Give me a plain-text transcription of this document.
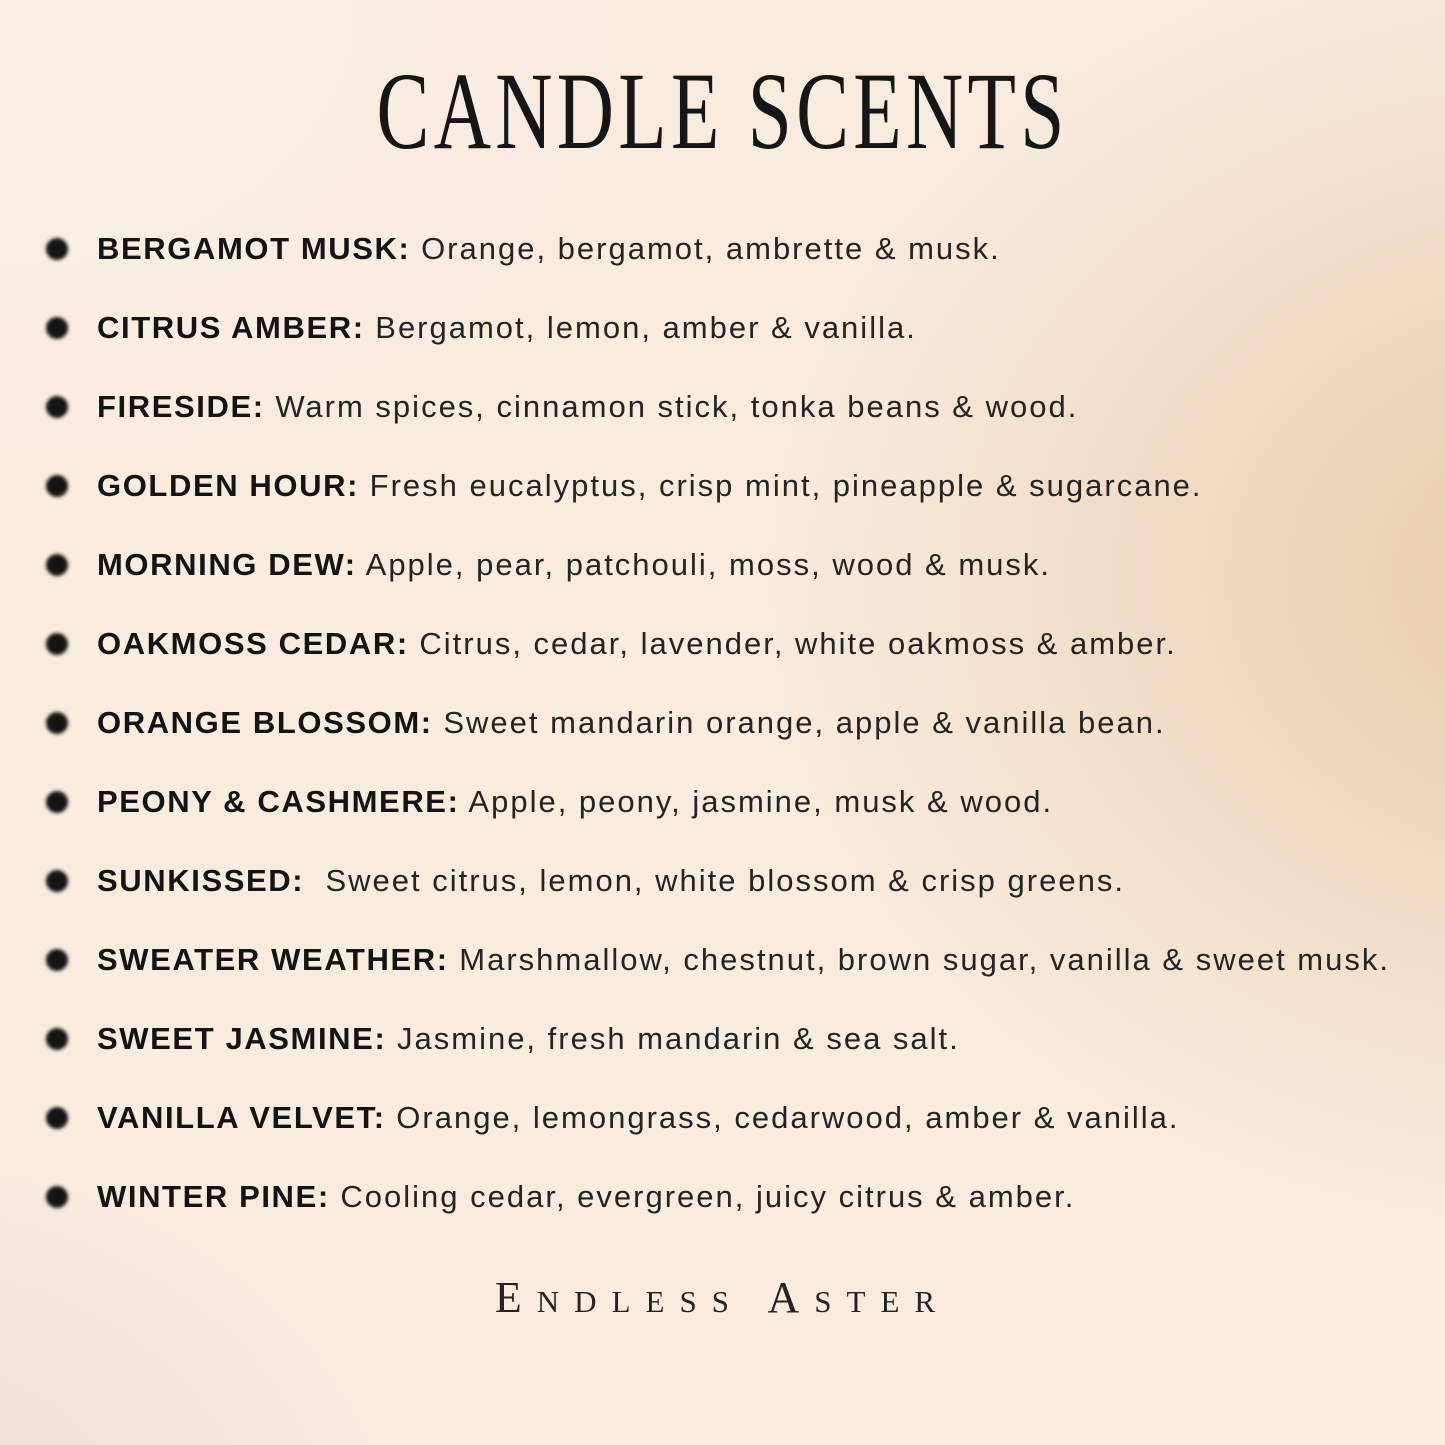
CANDLE SCENTS

BERGAMOT MUSK: Orange, bergamot, ambrette & musk.

CITRUS AMBER: Bergamot, lemon, amber & vanilla.

FIRESIDE: Warm spices, cinnamon stick, tonka beans & wood.

GOLDEN HOUR: Fresh eucalyptus, crisp mint, pineapple & sugarcane.

MORNING DEW: Apple, pear, patchouli, moss, wood & musk.

OAKMOSS CEDAR: Citrus, cedar, lavender, white oakmoss & amber.

ORANGE BLOSSOM: Sweet mandarin orange, apple & vanilla bean.

PEONY & CASHMERE: Apple, peony, jasmine, musk & wood.

SUNKISSED:  Sweet citrus, lemon, white blossom & crisp greens.

SWEATER WEATHER: Marshmallow, chestnut, brown sugar, vanilla & sweet musk.

SWEET JASMINE: Jasmine, fresh mandarin & sea salt.

VANILLA VELVET: Orange, lemongrass, cedarwood, amber & vanilla.

WINTER PINE: Cooling cedar, evergreen, juicy citrus & amber.

Endless Aster
